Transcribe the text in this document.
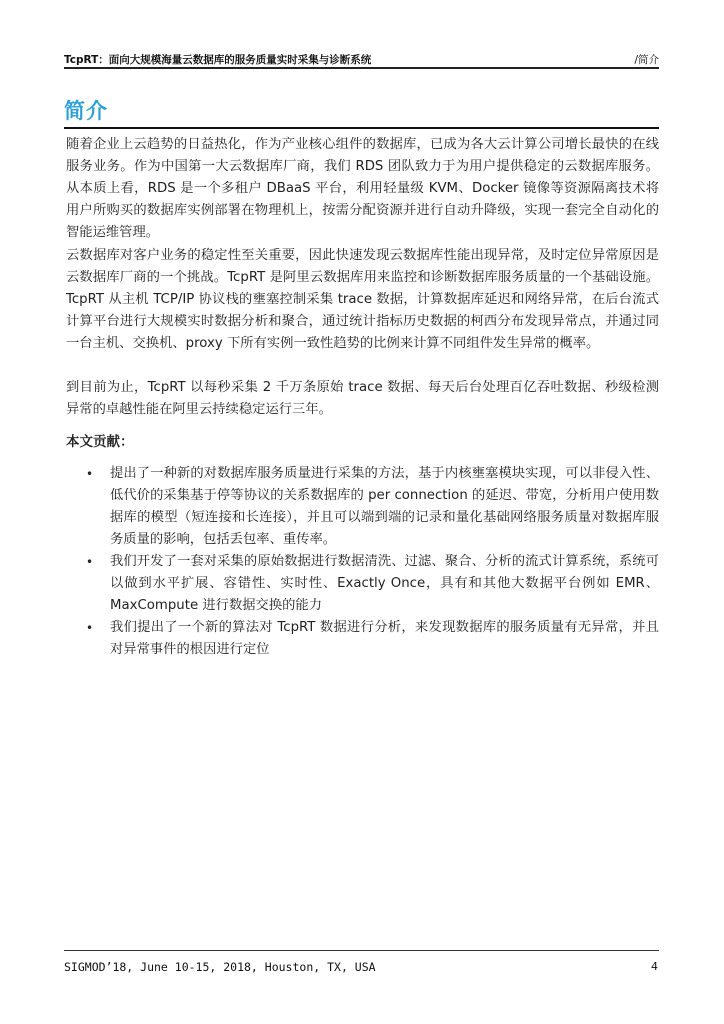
TcpRT：面向大规模海量云数据库的服务质量实时采集与诊断系统	/简介
简介

随着企业上云趋势的日益热化，作为产业核心组件的数据库，已成为各大云计算公司增长最快的在线服务业务。作为中国第一大云数据库厂商，我们 RDS 团队致力于为用户提供稳定的云数据库服务。从本质上看，RDS 是一个多租户 DBaaS 平台，利用轻量级 KVM、Docker 镜像等资源隔离技术将用户所购买的数据库实例部署在物理机上，按需分配资源并进行自动升降级，实现一套完全自动化的智能运维管理。

云数据库对客户业务的稳定性至关重要，因此快速发现云数据库性能出现异常，及时定位异常原因是云数据库厂商的一个挑战。TcpRT 是阿里云数据库用来监控和诊断数据库服务质量的一个基础设施。TcpRT 从主机 TCP/IP 协议栈的壅塞控制采集 trace 数据，计算数据库延迟和网络异常，在后台流式计算平台进行大规模实时数据分析和聚合，通过统计指标历史数据的柯西分布发现异常点，并通过同一台主机、交换机、proxy 下所有实例一致性趋势的比例来计算不同组件发生异常的概率。

到目前为止，TcpRT 以每秒采集 2 千万条原始 trace 数据、每天后台处理百亿吞吐数据、秒级检测异常的卓越性能在阿里云持续稳定运行三年。

本文贡献：
• 提出了一种新的对数据库服务质量进行采集的方法，基于内核壅塞模块实现，可以非侵入性、低代价的采集基于停等协议的关系数据库的 per connection 的延迟、带宽，分析用户使用数据库的模型（短连接和长连接），并且可以端到端的记录和量化基础网络服务质量对数据库服务质量的影响，包括丢包率、重传率。
• 我们开发了一套对采集的原始数据进行数据清洗、过滤、聚合、分析的流式计算系统，系统可以做到水平扩展、容错性、实时性、Exactly Once，具有和其他大数据平台例如 EMR、MaxCompute 进行数据交换的能力
• 我们提出了一个新的算法对 TcpRT 数据进行分析，来发现数据库的服务质量有无异常，并且对异常事件的根因进行定位
SIGMOD’18, June 10-15, 2018, Houston, TX, USA	4
